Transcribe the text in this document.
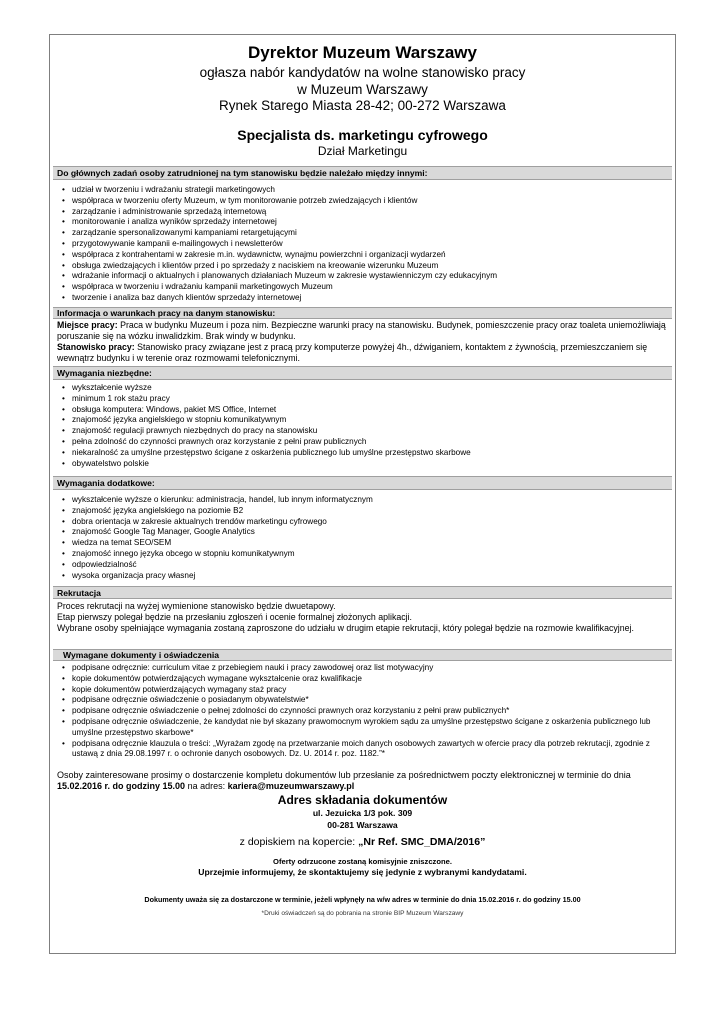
Dyrektor Muzeum Warszawy
ogłasza nabór kandydatów na wolne stanowisko pracy
w Muzeum Warszawy
Rynek Starego Miasta 28-42; 00-272 Warszawa
Specjalista ds. marketingu cyfrowego
Dział Marketingu
Do głównych zadań osoby zatrudnionej na tym stanowisku będzie należało między innymi:
• udział w tworzeniu i wdrażaniu strategii marketingowych
• współpraca w tworzeniu oferty Muzeum, w tym monitorowanie potrzeb zwiedzających i klientów
• zarządzanie i administrowanie sprzedażą internetową
• monitorowanie i analiza wyników sprzedaży internetowej
• zarządzanie spersonalizowanymi kampaniami retargetującymi
• przygotowywanie kampanii e-mailingowych i newsletterów
• współpraca z kontrahentami w zakresie m.in. wydawnictw, wynajmu powierzchni i organizacji wydarzeń
• obsługa zwiedzających i klientów przed i po sprzedaży z naciskiem na kreowanie wizerunku Muzeum
• wdrażanie informacji o aktualnych i planowanych działaniach Muzeum w zakresie wystawienniczym czy edukacyjnym
• współpraca w tworzeniu i wdrażaniu kampanii marketingowych Muzeum
• tworzenie i analiza baz danych klientów sprzedaży internetowej
Informacja o warunkach pracy na danym stanowisku:
Miejsce pracy: Praca w budynku Muzeum i poza nim. Bezpieczne warunki pracy na stanowisku. Budynek, pomieszczenie pracy oraz toaleta uniemożliwiają poruszanie się na wózku inwalidzkim. Brak windy w budynku.
Stanowisko pracy: Stanowisko pracy związane jest z pracą przy komputerze powyżej 4h., dźwiganiem, kontaktem z żywnością, przemieszczaniem się wewnątrz budynku i w terenie oraz rozmowami telefonicznymi.
Wymagania niezbędne:
• wykształcenie wyższe
• minimum 1 rok stażu pracy
• obsługa komputera: Windows, pakiet MS Office, Internet
• znajomość języka angielskiego w stopniu komunikatywnym
• znajomość regulacji prawnych niezbędnych do pracy na stanowisku
• pełna zdolność do czynności prawnych oraz korzystanie z pełni praw publicznych
• niekaralność za umyślne przestępstwo ścigane z oskarżenia publicznego lub umyślne przestępstwo skarbowe
• obywatelstwo polskie
Wymagania dodatkowe:
• wykształcenie wyższe o kierunku: administracja, handel, lub innym informatycznym
• znajomość języka angielskiego na poziomie B2
• dobra orientacja w zakresie aktualnych trendów marketingu cyfrowego
• znajomość Google Tag Manager, Google Analytics
• wiedza na temat SEO/SEM
• znajomość innego języka obcego w stopniu komunikatywnym
• odpowiedzialność
• wysoka organizacja pracy własnej
Rekrutacja
Proces rekrutacji na wyżej wymienione stanowisko będzie dwuetapowy.
Etap pierwszy polegał będzie na przesłaniu zgłoszeń i ocenie formalnej złożonych aplikacji.
Wybrane osoby spełniające wymagania zostaną zaproszone do udziału w drugim etapie rekrutacji, który polegał będzie na rozmowie kwalifikacyjnej.
Wymagane dokumenty i oświadczenia
• podpisane odręcznie: curriculum vitae z przebiegiem nauki i pracy zawodowej oraz list motywacyjny
• kopie dokumentów potwierdzających wymagane wykształcenie oraz kwalifikacje
• kopie dokumentów potwierdzających wymagany staż pracy
• podpisane odręcznie oświadczenie o posiadanym obywatelstwie*
• podpisane odręcznie oświadczenie o pełnej zdolności do czynności prawnych oraz korzystaniu z pełni praw publicznych*
• podpisane odręcznie oświadczenie, że kandydat nie był skazany prawomocnym wyrokiem sądu za umyślne przestępstwo ścigane z oskarżenia publicznego lub umyślne przestępstwo skarbowe*
• podpisana odręcznie klauzula o treści: „Wyrażam zgodę na przetwarzanie moich danych osobowych zawartych w ofercie pracy dla potrzeb rekrutacji, zgodnie z ustawą z dnia 29.08.1997 r. o ochronie danych osobowych. Dz. U. 2014 r. poz. 1182.”*
Osoby zainteresowane prosimy o dostarczenie kompletu dokumentów lub przesłanie za pośrednictwem poczty elektronicznej w terminie do dnia 15.02.2016 r. do godziny 15.00 na adres: kariera@muzeumwarszawy.pl
Adres składania dokumentów
ul. Jezuicka 1/3 pok. 309
00-281 Warszawa
z dopiskiem na kopercie: „Nr Ref. SMC_DMA/2016”
Oferty odrzucone zostaną komisyjnie zniszczone.
Uprzejmie informujemy, że skontaktujemy się jedynie z wybranymi kandydatami.
Dokumenty uważa się za dostarczone w terminie, jeżeli wpłynęły na w/w adres w terminie do dnia 15.02.2016 r. do godziny 15.00
*Druki oświadczeń są do pobrania na stronie BIP Muzeum Warszawy
